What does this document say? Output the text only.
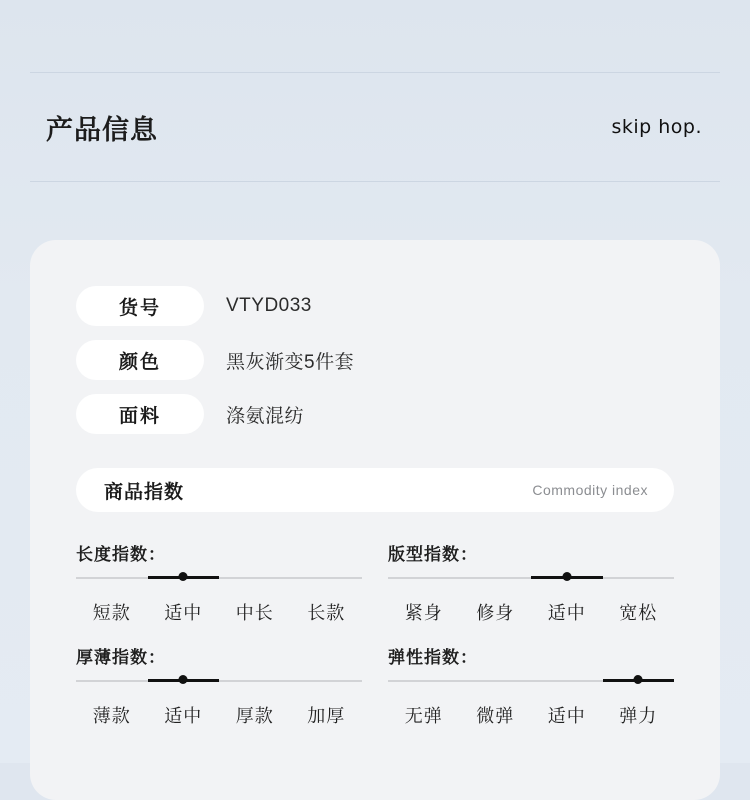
产品信息	skip hop.
货号	VTYD033
颜色	黑灰渐变5件套
面料	涤氨混纺
商品指数	Commodity index
长度指数：
短款	适中	中长	长款
版型指数：
紧身	修身	适中	宽松
厚薄指数：
薄款	适中	厚款	加厚
弹性指数：
无弹	微弹	适中	弹力
